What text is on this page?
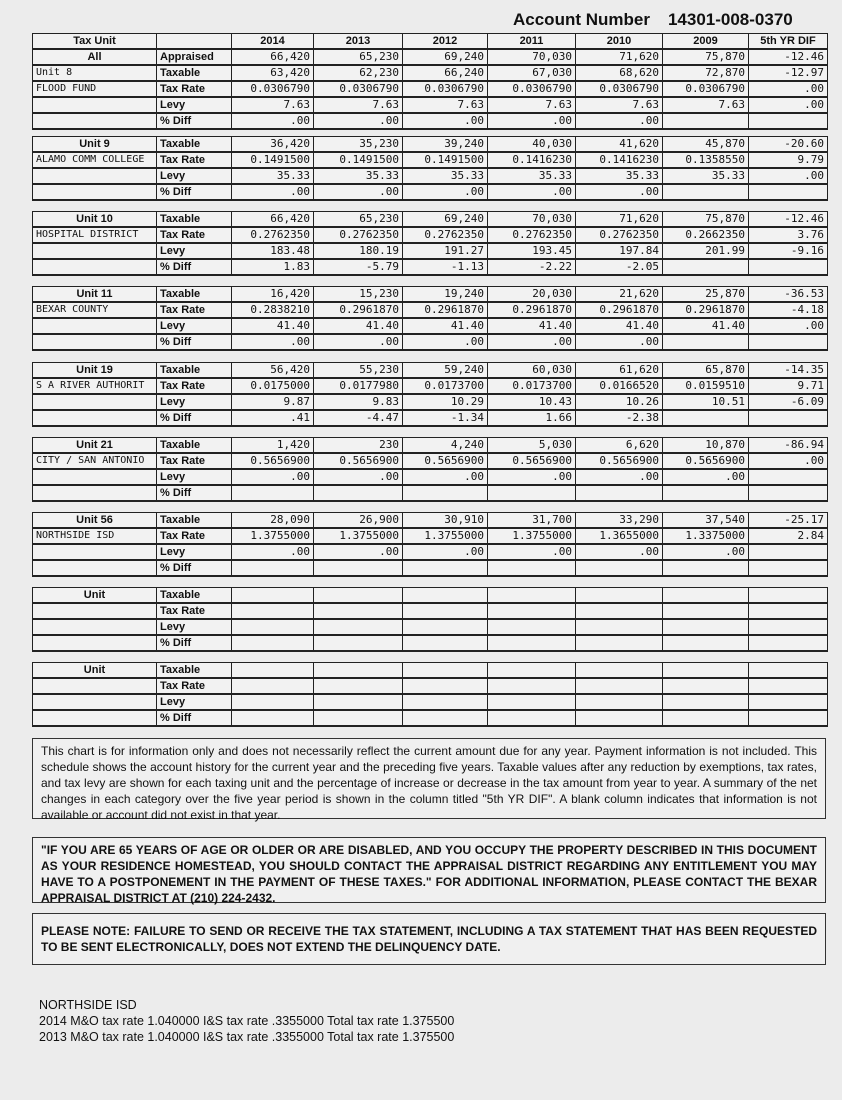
Account Number 14301-008-0370
Tax Unit		2014	2013	2012	2011	2010	2009	5th YR DIF
All	Appraised	66,420	65,230	69,240	70,030	71,620	75,870	-12.46
Unit 8	Taxable	63,420	62,230	66,240	67,030	68,620	72,870	-12.97
FLOOD FUND	Tax Rate	0.0306790	0.0306790	0.0306790	0.0306790	0.0306790	0.0306790	.00
	Levy	7.63	7.63	7.63	7.63	7.63	7.63	.00
	% Diff	.00	.00	.00	.00	.00		
Unit 9	Taxable	36,420	35,230	39,240	40,030	41,620	45,870	-20.60
ALAMO COMM COLLEGE	Tax Rate	0.1491500	0.1491500	0.1491500	0.1416230	0.1416230	0.1358550	9.79
	Levy	35.33	35.33	35.33	35.33	35.33	35.33	.00
	% Diff	.00	.00	.00	.00	.00		
Unit 10	Taxable	66,420	65,230	69,240	70,030	71,620	75,870	-12.46
HOSPITAL DISTRICT	Tax Rate	0.2762350	0.2762350	0.2762350	0.2762350	0.2762350	0.2662350	3.76
	Levy	183.48	180.19	191.27	193.45	197.84	201.99	-9.16
	% Diff	1.83	-5.79	-1.13	-2.22	-2.05		
Unit 11	Taxable	16,420	15,230	19,240	20,030	21,620	25,870	-36.53
BEXAR COUNTY	Tax Rate	0.2838210	0.2961870	0.2961870	0.2961870	0.2961870	0.2961870	-4.18
	Levy	41.40	41.40	41.40	41.40	41.40	41.40	.00
	% Diff	.00	.00	.00	.00	.00		
Unit 19	Taxable	56,420	55,230	59,240	60,030	61,620	65,870	-14.35
S A RIVER AUTHORIT	Tax Rate	0.0175000	0.0177980	0.0173700	0.0173700	0.0166520	0.0159510	9.71
	Levy	9.87	9.83	10.29	10.43	10.26	10.51	-6.09
	% Diff	.41	-4.47	-1.34	1.66	-2.38		
Unit 21	Taxable	1,420	230	4,240	5,030	6,620	10,870	-86.94
CITY / SAN ANTONIO	Tax Rate	0.5656900	0.5656900	0.5656900	0.5656900	0.5656900	0.5656900	.00
	Levy	.00	.00	.00	.00	.00	.00	
	% Diff							
Unit 56	Taxable	28,090	26,900	30,910	31,700	33,290	37,540	-25.17
NORTHSIDE ISD	Tax Rate	1.3755000	1.3755000	1.3755000	1.3755000	1.3655000	1.3375000	2.84
	Levy	.00	.00	.00	.00	.00	.00	
	% Diff							
Unit	Taxable							
	Tax Rate							
	Levy							
	% Diff							
Unit	Taxable							
	Tax Rate							
	Levy							
	% Diff							
This chart is for information only and does not necessarily reflect the current amount due for any year. Payment information is not included. This schedule shows the account history for the current year and the preceding five years. Taxable values after any reduction by exemptions, tax rates, and tax levy are shown for each taxing unit and the percentage of increase or decrease in the tax amount from year to year. A summary of the net changes in each category over the five year period is shown in the column titled "5th YR DIF". A blank column indicates that information is not available or account did not exist in that year.
"IF YOU ARE 65 YEARS OF AGE OR OLDER OR ARE DISABLED, AND YOU OCCUPY THE PROPERTY DESCRIBED IN THIS DOCUMENT AS YOUR RESIDENCE HOMESTEAD, YOU SHOULD CONTACT THE APPRAISAL DISTRICT REGARDING ANY ENTITLEMENT YOU MAY HAVE TO A POSTPONEMENT IN THE PAYMENT OF THESE TAXES." FOR ADDITIONAL INFORMATION, PLEASE CONTACT THE BEXAR APPRAISAL DISTRICT AT (210) 224-2432.
PLEASE NOTE: FAILURE TO SEND OR RECEIVE THE TAX STATEMENT, INCLUDING A TAX STATEMENT THAT HAS BEEN REQUESTED TO BE SENT ELECTRONICALLY, DOES NOT EXTEND THE DELINQUENCY DATE.
NORTHSIDE ISD
2014 M&O tax rate 1.040000 I&S tax rate .3355000 Total tax rate 1.375500
2013 M&O tax rate 1.040000 I&S tax rate .3355000 Total tax rate 1.375500
